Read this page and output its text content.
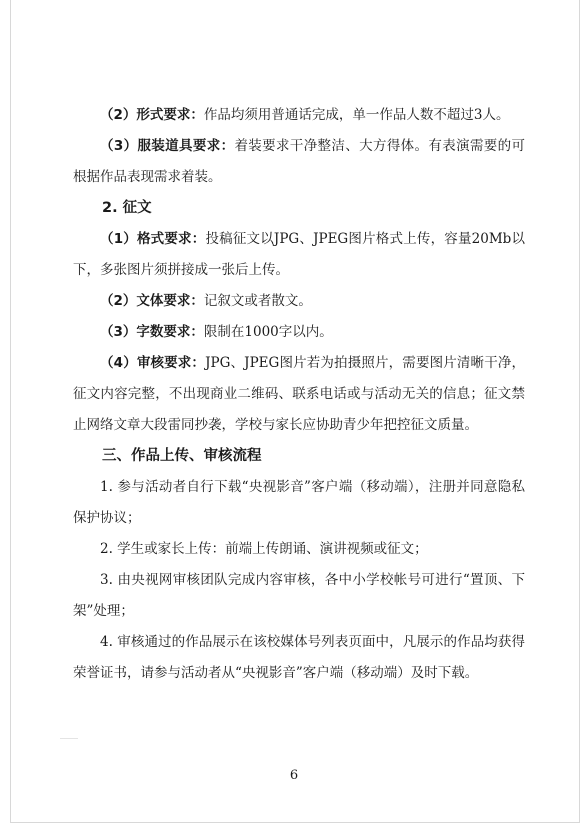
（2）形式要求：作品均须用普通话完成，单一作品人数不超过3人。

（3）服装道具要求：着装要求干净整洁、大方得体。有表演需要的可根据作品表现需求着装。

2. 征文

（1）格式要求：投稿征文以JPG、JPEG图片格式上传，容量20Mb以下，多张图片须拼接成一张后上传。

（2）文体要求：记叙文或者散文。

（3）字数要求：限制在1000字以内。

（4）审核要求：JPG、JPEG图片若为拍摄照片，需要图片清晰干净，征文内容完整，不出现商业二维码、联系电话或与活动无关的信息；征文禁止网络文章大段雷同抄袭，学校与家长应协助青少年把控征文质量。

三、作品上传、审核流程

1. 参与活动者自行下载“央视影音”客户端（移动端），注册并同意隐私保护协议；

2. 学生或家长上传：前端上传朗诵、演讲视频或征文；

3. 由央视网审核团队完成内容审核，各中小学校帐号可进行“置顶、下架”处理；

4. 审核通过的作品展示在该校媒体号列表页面中，凡展示的作品均获得荣誉证书，请参与活动者从“央视影音”客户端（移动端）及时下载。

6
